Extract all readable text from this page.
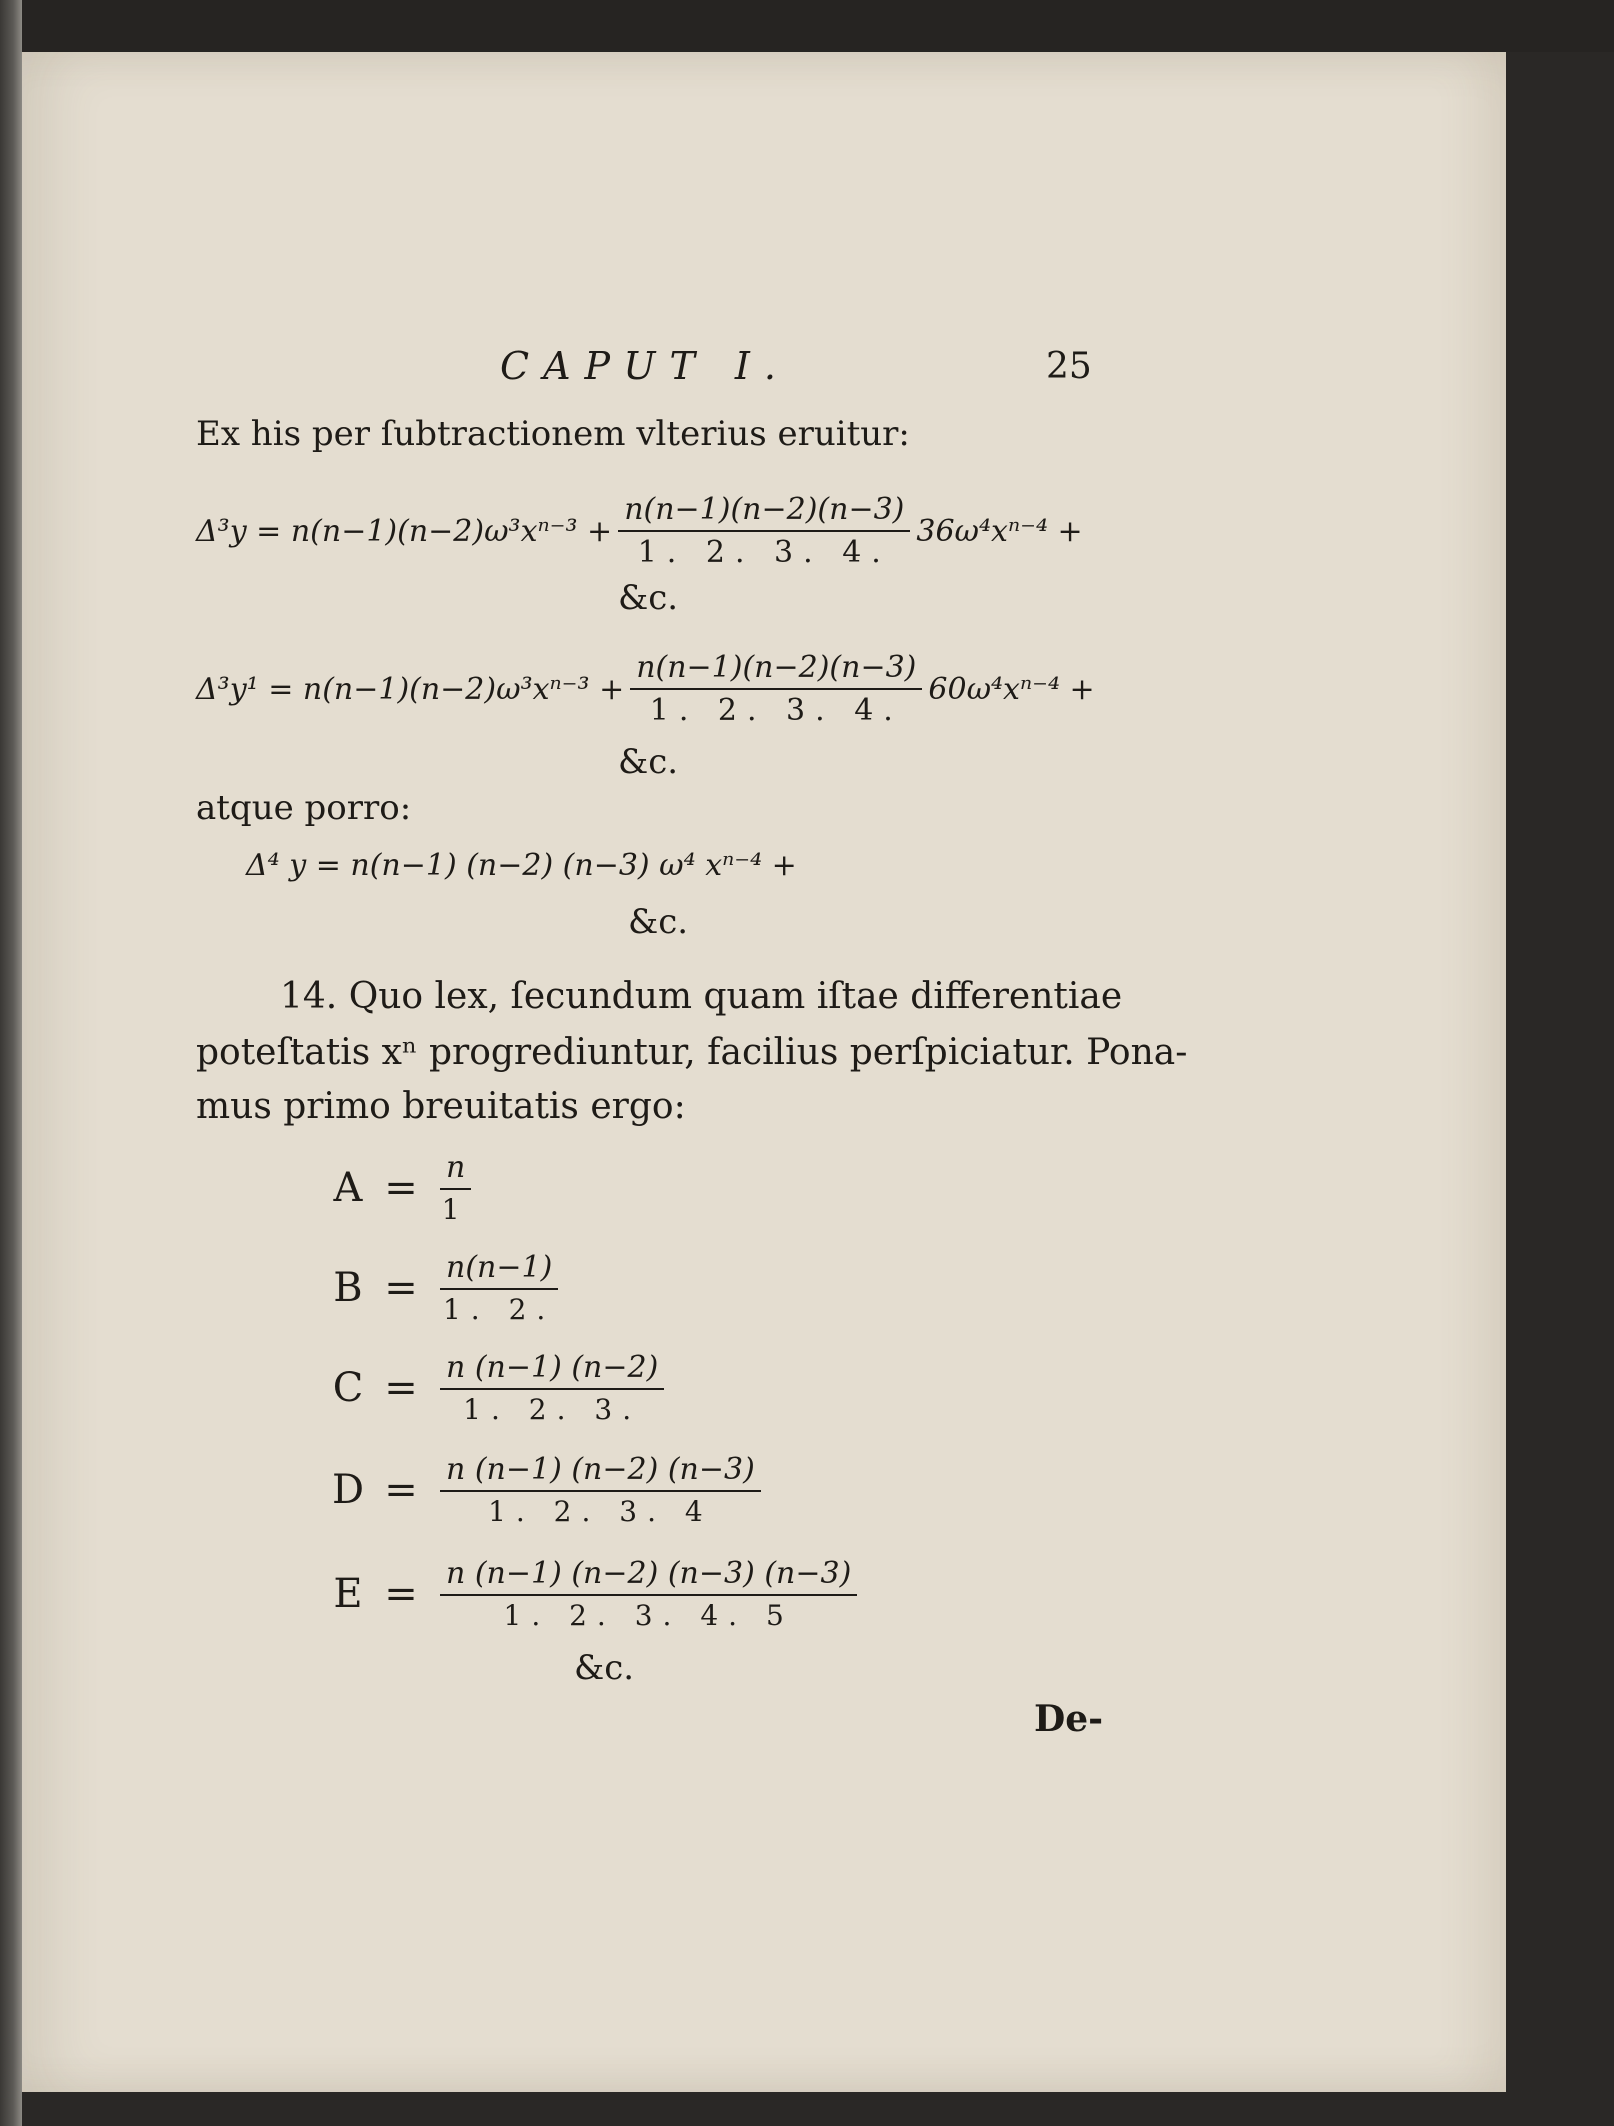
CAPUT I.	25
Ex his per ſubtractionem vlterius eruitur:
$\Delta^3y = n(n-1)(n-2)\omega^3x^{n-3} + \frac{n(n-1)(n-2)(n-3)}{1. 2. 3. 4.} 36\omega^4x^{n-4}$ +
&c.
$\Delta^3y^1 = n(n-1)(n-2)\omega^3x^{n-3} + \frac{n(n-1)(n-2)(n-3)}{1. 2. 3. 4.} 60\omega^4x^{n-4}$ +
&c.
atque porro:
Δ⁴ y = n(n−1) (n−2) (n−3) ω⁴ xⁿ⁻⁴ +
&c.
14. Quo lex, ſecundum quam iſtae differentiae
poteſtatis xⁿ progrediuntur, facilius perſpiciatur. Pona-
mus primo breuitatis ergo:
$A = \frac{n}{1}$
$B = \frac{n(n-1)}{1. 2.}$
$C = \frac{n (n-1) (n-2)}{1. 2. 3.}$
$D = \frac{n (n-1) (n-2) (n-3)}{1. 2. 3. 4}$
$E = \frac{n (n-1) (n-2) (n-3) (n-3)}{1. 2. 3. 4. 5}$
&c.
De-
